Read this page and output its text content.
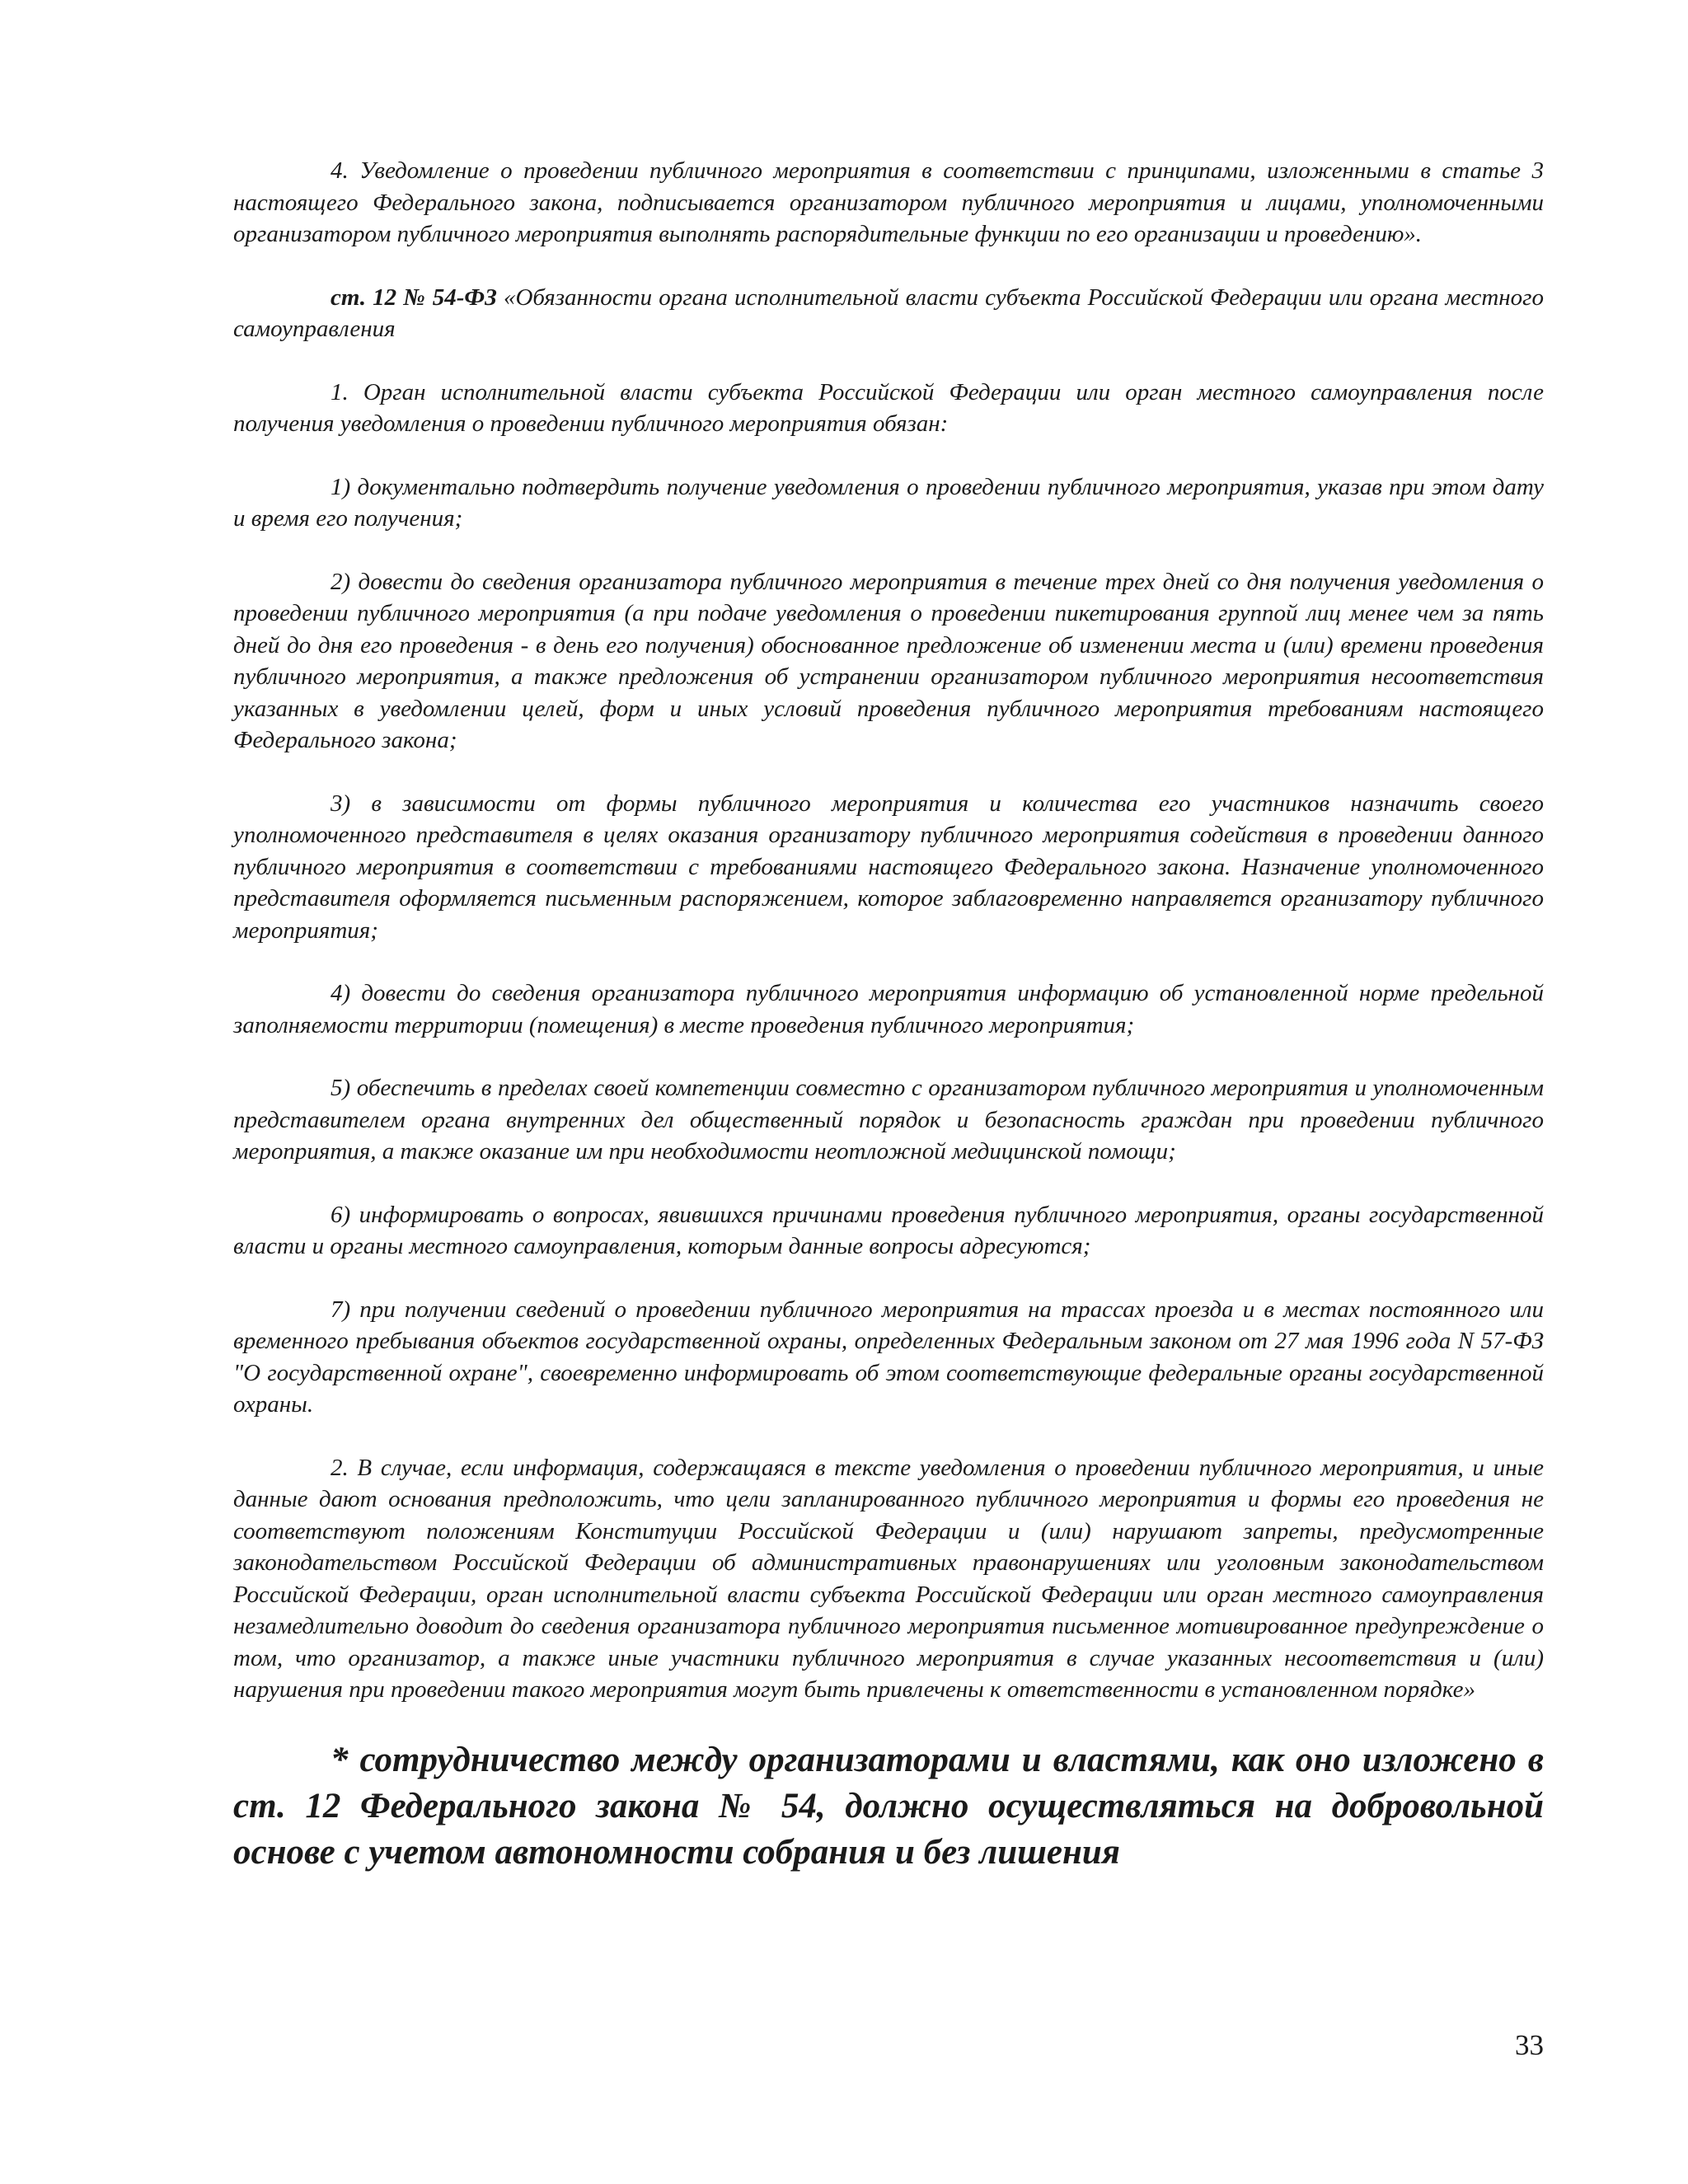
4. Уведомление о проведении публичного мероприятия в соответствии с принципами, изложенными в статье 3 настоящего Федерального закона, подписывается организатором публичного мероприятия и лицами, уполномоченными организатором публичного мероприятия выполнять распорядительные функции по его организации и проведению».

ст. 12 № 54-ФЗ «Обязанности органа исполнительной власти субъекта Российской Федерации или органа местного самоуправления

1. Орган исполнительной власти субъекта Российской Федерации или орган местного самоуправления после получения уведомления о проведении публичного мероприятия обязан:

1) документально подтвердить получение уведомления о проведении публичного мероприятия, указав при этом дату и время его получения;

2) довести до сведения организатора публичного мероприятия в течение трех дней со дня получения уведомления о проведении публичного мероприятия (а при подаче уведомления о проведении пикетирования группой лиц менее чем за пять дней до дня его проведения - в день его получения) обоснованное предложение об изменении места и (или) времени проведения публичного мероприятия, а также предложения об устранении организатором публичного мероприятия несоответствия указанных в уведомлении целей, форм и иных условий проведения публичного мероприятия требованиям настоящего Федерального закона;

3) в зависимости от формы публичного мероприятия и количества его участников назначить своего уполномоченного представителя в целях оказания организатору публичного мероприятия содействия в проведении данного публичного мероприятия в соответствии с требованиями настоящего Федерального закона. Назначение уполномоченного представителя оформляется письменным распоряжением, которое заблаговременно направляется организатору публичного мероприятия;

4) довести до сведения организатора публичного мероприятия информацию об установленной норме предельной заполняемости территории (помещения) в месте проведения публичного мероприятия;

5) обеспечить в пределах своей компетенции совместно с организатором публичного мероприятия и уполномоченным представителем органа внутренних дел общественный порядок и безопасность граждан при проведении публичного мероприятия, а также оказание им при необходимости неотложной медицинской помощи;

6) информировать о вопросах, явившихся причинами проведения публичного мероприятия, органы государственной власти и органы местного самоуправления, которым данные вопросы адресуются;

7) при получении сведений о проведении публичного мероприятия на трассах проезда и в местах постоянного или временного пребывания объектов государственной охраны, определенных Федеральным законом от 27 мая 1996 года N 57-ФЗ "О государственной охране", своевременно информировать об этом соответствующие федеральные органы государственной охраны.

2. В случае, если информация, содержащаяся в тексте уведомления о проведении публичного мероприятия, и иные данные дают основания предположить, что цели запланированного публичного мероприятия и формы его проведения не соответствуют положениям Конституции Российской Федерации и (или) нарушают запреты, предусмотренные законодательством Российской Федерации об административных правонарушениях или уголовным законодательством Российской Федерации, орган исполнительной власти субъекта Российской Федерации или орган местного самоуправления незамедлительно доводит до сведения организатора публичного мероприятия письменное мотивированное предупреждение о том, что организатор, а также иные участники публичного мероприятия в случае указанных несоответствия и (или) нарушения при проведении такого мероприятия могут быть привлечены к ответственности в установленном порядке»

* сотрудничество между организаторами и властями, как оно изложено в ст. 12 Федерального закона № 54, должно осуществляться на добровольной основе с учетом автономности собрания и без лишения

33
